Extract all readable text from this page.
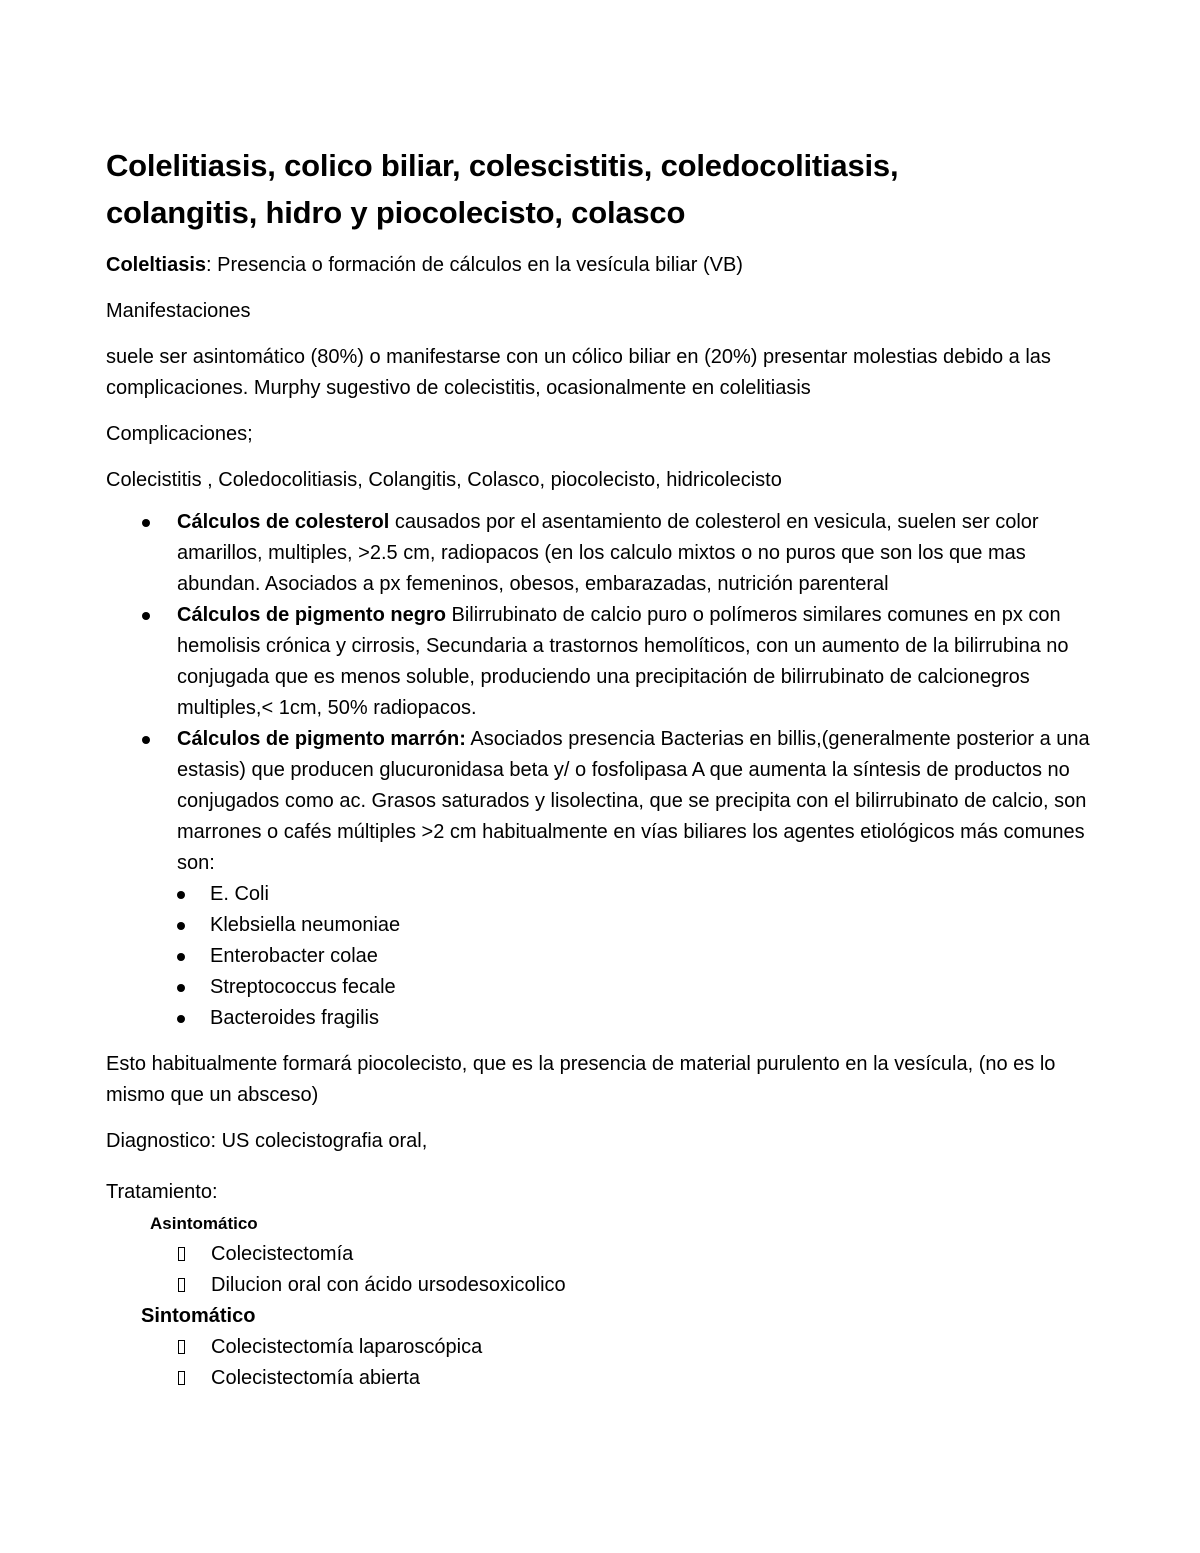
Colelitiasis, colico biliar, colescistitis, coledocolitiasis,
colangitis, hidro y piocolecisto, colasco

Coleltiasis: Presencia o formación de cálculos en la vesícula biliar (VB)

Manifestaciones

suele ser asintomático (80%) o manifestarse con un cólico biliar en (20%) presentar molestias debido a las complicaciones. Murphy sugestivo de colecistitis, ocasionalmente en colelitiasis

Complicaciones;

Colecistitis , Coledocolitiasis, Colangitis, Colasco, piocolecisto, hidricolecisto

Cálculos de colesterol causados por el asentamiento de colesterol en vesicula, suelen ser color amarillos, multiples, >2.5 cm, radiopacos (en los calculo mixtos o no puros que son los que mas abundan. Asociados a px femeninos, obesos, embarazadas, nutrición parenteral
Cálculos de pigmento negro Bilirrubinato de calcio puro o polímeros similares comunes en px con hemolisis crónica y cirrosis, Secundaria a trastornos hemolíticos, con un aumento de la bilirrubina no conjugada que es menos soluble, produciendo una precipitación de bilirrubinato de calcionegros multiples,< 1cm, 50% radiopacos.
Cálculos de pigmento marrón: Asociados presencia Bacterias en billis,(generalmente posterior a una estasis) que producen glucuronidasa beta y/ o fosfolipasa A que aumenta la síntesis de productos no conjugados como ac. Grasos saturados y lisolectina, que se precipita con el bilirrubinato de calcio, son marrones o cafés múltiples >2 cm habitualmente en vías biliares los agentes etiológicos más comunes son:
E. Coli
Klebsiella neumoniae
Enterobacter colae
Streptococcus fecale
Bacteroides fragilis

Esto habitualmente formará piocolecisto, que es la presencia de material purulento en la vesícula, (no es lo mismo que un absceso)

Diagnostico: US colecistografia oral,

Tratamiento:

Asintomático

Colecistectomía
Dilucion oral con ácido ursodesoxicolico

Sintomático

Colecistectomía laparoscópica
Colecistectomía abierta
